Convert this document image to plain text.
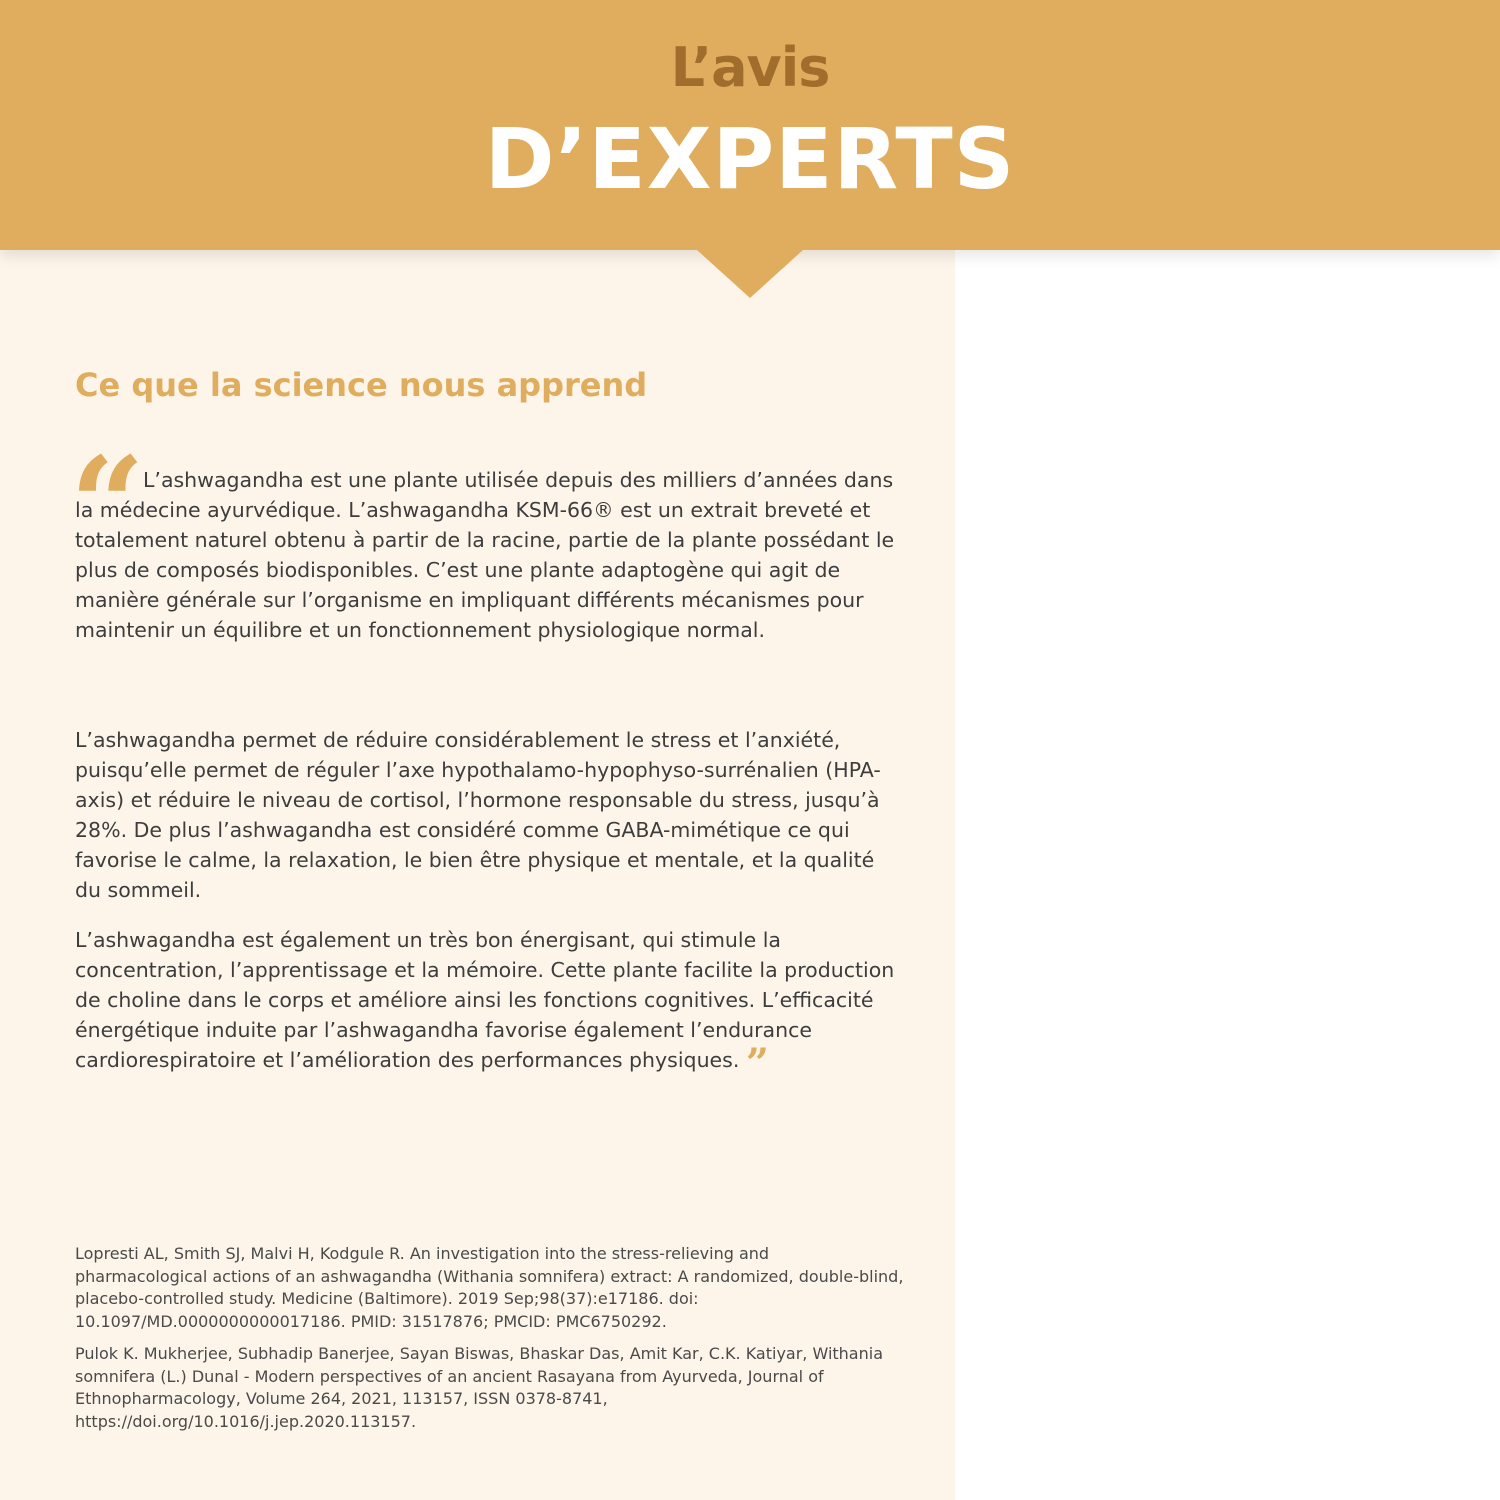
L’avis
D’EXPERTS
Ce que la science nous apprend
“

L’ashwagandha est une plante utilisée depuis des milliers d’années dans la médecine ayurvédique. L’ashwagandha KSM-66® est un extrait breveté et totalement naturel obtenu à partir de la racine, partie de la plante possédant le plus de composés biodisponibles. C’est une plante adaptogène qui agit de manière générale sur l’organisme en impliquant différents mécanismes pour maintenir un équilibre et un fonctionnement physiologique normal.

L’ashwagandha permet de réduire considérablement le stress et l’anxiété, puisqu’elle permet de réguler l’axe hypothalamo-hypophyso-surrénalien (HPA-axis) et réduire le niveau de cortisol, l’hormone responsable du stress, jusqu’à 28%. De plus l’ashwagandha est considéré comme GABA-mimétique ce qui favorise le calme, la relaxation, le bien être physique et mentale, et la qualité du sommeil.

L’ashwagandha est également un très bon énergisant, qui stimule la concentration, l’apprentissage et la mémoire. Cette plante facilite la production de choline dans le corps et améliore ainsi les fonctions cognitives. L’efficacité énergétique induite par l’ashwagandha favorise également l’endurance cardiorespiratoire et l’amélioration des performances physiques. ”

Lopresti AL, Smith SJ, Malvi H, Kodgule R. An investigation into the stress-relieving and pharmacological actions of an ashwagandha (Withania somnifera) extract: A randomized, double-blind, placebo-controlled study. Medicine (Baltimore). 2019 Sep;98(37):e17186. doi: 10.1097/MD.0000000000017186. PMID: 31517876; PMCID: PMC6750292.

Pulok K. Mukherjee, Subhadip Banerjee, Sayan Biswas, Bhaskar Das, Amit Kar, C.K. Katiyar, Withania somnifera (L.) Dunal - Modern perspectives of an ancient Rasayana from Ayurveda, Journal of Ethnopharmacology, Volume 264, 2021, 113157, ISSN 0378-8741, https://doi.org/10.1016/j.jep.2020.113157.
